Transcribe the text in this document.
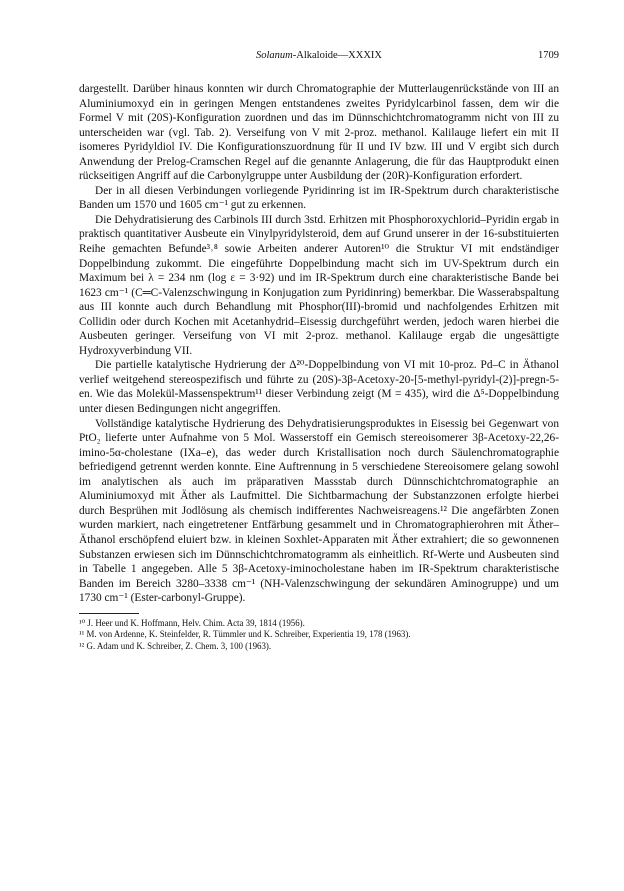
Solanum-Alkaloide—XXXIX	1709

dargestellt. Darüber hinaus konnten wir durch Chromatographie der Mutterlaugenrückstände von III an Aluminiumoxyd ein in geringen Mengen entstandenes zweites Pyridylcarbinol fassen, dem wir die Formel V mit (20S)-Konfiguration zuordnen und das im Dünnschichtchromatogramm nicht von III zu unterscheiden war (vgl. Tab. 2). Verseifung von V mit 2-proz. methanol. Kalilauge liefert ein mit II isomeres Pyridyldiol IV. Die Konfigurationszuordnung für II und IV bzw. III und V ergibt sich durch Anwendung der Prelog-Cramschen Regel auf die genannte Anlagerung, die für das Hauptprodukt einen rückseitigen Angriff auf die Carbonylgruppe unter Ausbildung der (20R)-Konfiguration erfordert.

Der in all diesen Verbindungen vorliegende Pyridinring ist im IR-Spektrum durch charakteristische Banden um 1570 und 1605 cm⁻¹ gut zu erkennen.

Die Dehydratisierung des Carbinols III durch 3std. Erhitzen mit Phosphoroxychlorid–Pyridin ergab in praktisch quantitativer Ausbeute ein Vinylpyridylsteroid, dem auf Grund unserer in der 16-substituierten Reihe gemachten Befunde³˒⁸ sowie Arbeiten anderer Autoren¹⁰ die Struktur VI mit endständiger Doppelbindung zukommt. Die eingeführte Doppelbindung macht sich im UV-Spektrum durch ein Maximum bei λ = 234 nm (log ε = 3·92) und im IR-Spektrum durch eine charakteristische Bande bei 1623 cm⁻¹ (C═C-Valenzschwingung in Konjugation zum Pyridinring) bemerkbar. Die Wasserabspaltung aus III konnte auch durch Behandlung mit Phosphor(III)-bromid und nachfolgendes Erhitzen mit Collidin oder durch Kochen mit Acetanhydrid–Eisessig durchgeführt werden, jedoch waren hierbei die Ausbeuten geringer. Verseifung von VI mit 2-proz. methanol. Kalilauge ergab die ungesättigte Hydroxyverbindung VII.

Die partielle katalytische Hydrierung der Δ²⁰-Doppelbindung von VI mit 10-proz. Pd–C in Äthanol verlief weitgehend stereospezifisch und führte zu (20S)-3β-Acetoxy-20-[5-methyl-pyridyl-(2)]-pregn-5-en. Wie das Molekül-Massenspektrum¹¹ dieser Verbindung zeigt (M = 435), wird die Δ⁵-Doppelbindung unter diesen Bedingungen nicht angegriffen.

Vollständige katalytische Hydrierung des Dehydratisierungsproduktes in Eisessig bei Gegenwart von PtO₂ lieferte unter Aufnahme von 5 Mol. Wasserstoff ein Gemisch stereoisomerer 3β-Acetoxy-22,26-imino-5α-cholestane (IXa–e), das weder durch Kristallisation noch durch Säulenchromatographie befriedigend getrennt werden konnte. Eine Auftrennung in 5 verschiedene Stereoisomere gelang sowohl im analytischen als auch im präparativen Massstab durch Dünnschichtchromatographie an Aluminiumoxyd mit Äther als Laufmittel. Die Sichtbarmachung der Substanzzonen erfolgte hierbei durch Besprühen mit Jodlösung als chemisch indifferentes Nachweisreagens.¹² Die angefärbten Zonen wurden markiert, nach eingetretener Entfärbung gesammelt und in Chromatographierohren mit Äther–Äthanol erschöpfend eluiert bzw. in kleinen Soxhlet-Apparaten mit Äther extrahiert; die so gewonnenen Substanzen erwiesen sich im Dünnschichtchromatogramm als einheitlich. Rf-Werte und Ausbeuten sind in Tabelle 1 angegeben. Alle 5 3β-Acetoxy-iminocholestane haben im IR-Spektrum charakteristische Banden im Bereich 3280–3338 cm⁻¹ (NH-Valenzschwingung der sekundären Aminogruppe) und um 1730 cm⁻¹ (Ester-carbonyl-Gruppe).

¹⁰ J. Heer und K. Hoffmann, Helv. Chim. Acta 39, 1814 (1956).

¹¹ M. von Ardenne, K. Steinfelder, R. Tümmler und K. Schreiber, Experientia 19, 178 (1963).

¹² G. Adam und K. Schreiber, Z. Chem. 3, 100 (1963).
